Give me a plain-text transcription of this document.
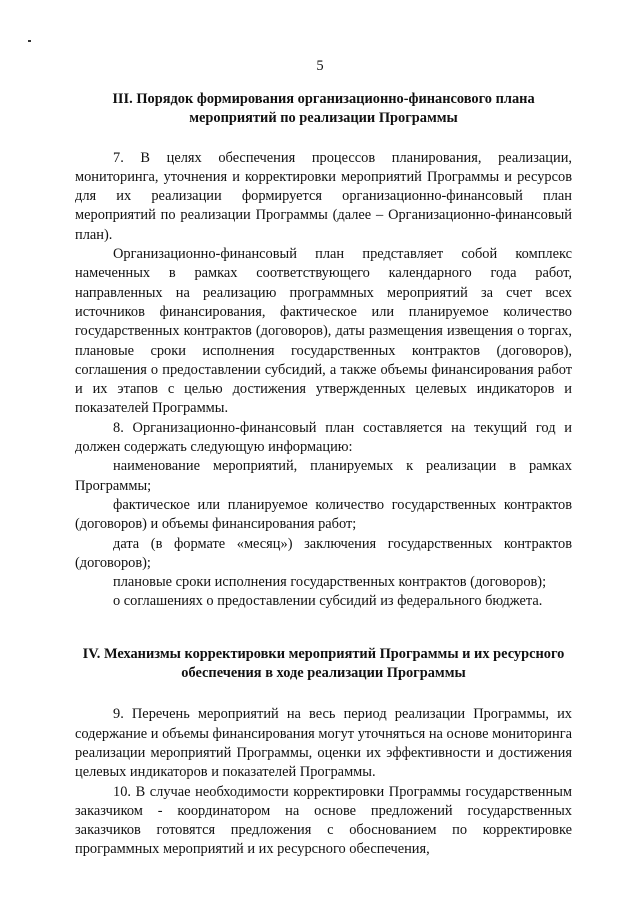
5

III. Порядок формирования организационно-финансового плана мероприятий по реализации Программы

7. В целях обеспечения процессов планирования, реализации, мониторинга, уточнения и корректировки мероприятий Программы и ресурсов для их реализации формируется организационно-финансовый план мероприятий по реализации Программы (далее – Организационно-финансовый план).

Организационно-финансовый план представляет собой комплекс намеченных в рамках соответствующего календарного года работ, направленных на реализацию программных мероприятий за счет всех источников финансирования, фактическое или планируемое количество государственных контрактов (договоров), даты размещения извещения о торгах, плановые сроки исполнения государственных контрактов (договоров), соглашения о предоставлении субсидий, а также объемы финансирования работ и их этапов с целью достижения утвержденных целевых индикаторов и показателей Программы.

8. Организационно-финансовый план составляется на текущий год и должен содержать следующую информацию:

наименование мероприятий, планируемых к реализации в рамках Программы;

фактическое или планируемое количество государственных контрактов (договоров) и объемы финансирования работ;

дата (в формате «месяц») заключения государственных контрактов (договоров);

плановые сроки исполнения государственных контрактов (договоров);

о соглашениях о предоставлении субсидий из федерального бюджета.

IV. Механизмы корректировки мероприятий Программы и их ресурсного обеспечения в ходе реализации Программы

9. Перечень мероприятий на весь период реализации Программы, их содержание и объемы финансирования могут уточняться на основе мониторинга реализации мероприятий Программы, оценки их эффективности и достижения целевых индикаторов и показателей Программы.

10. В случае необходимости корректировки Программы государственным заказчиком - координатором на основе предложений государственных заказчиков готовятся предложения с обоснованием по корректировке программных мероприятий и их ресурсного обеспечения,
